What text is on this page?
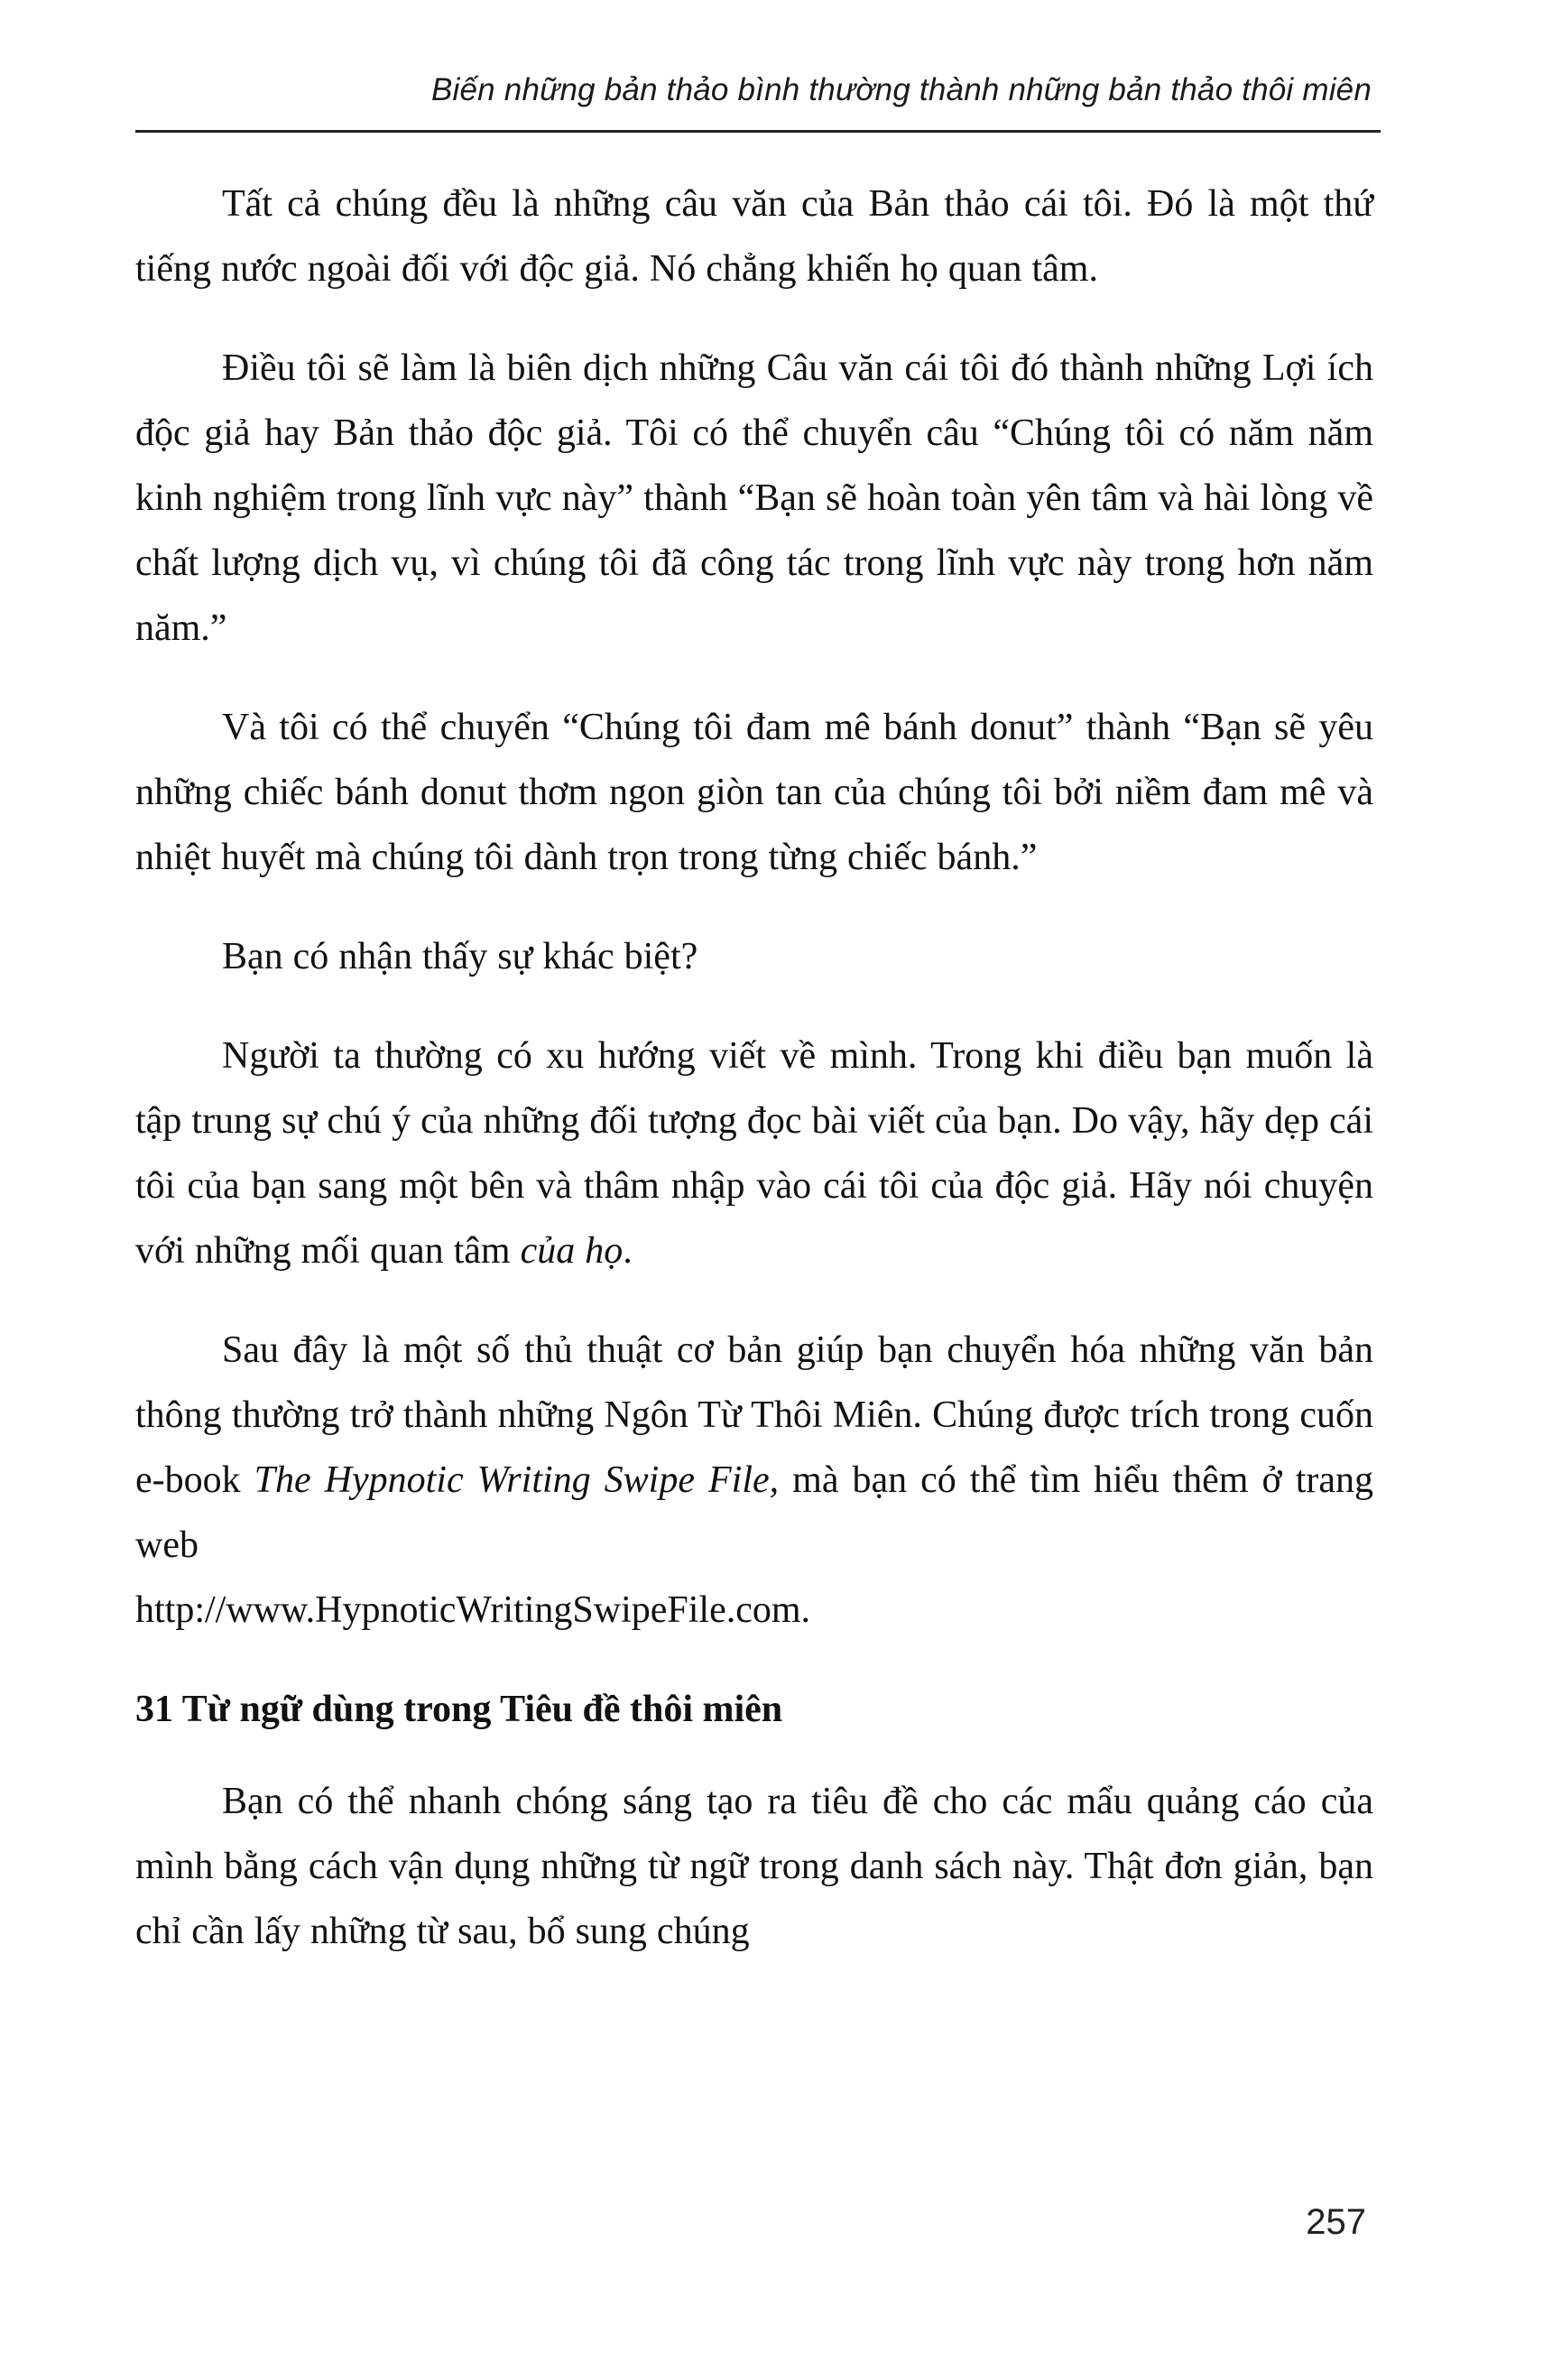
Biến những bản thảo bình thường thành những bản thảo thôi miên

Tất cả chúng đều là những câu văn của Bản thảo cái tôi. Đó là một thứ tiếng nước ngoài đối với độc giả. Nó chẳng khiến họ quan tâm.

Điều tôi sẽ làm là biên dịch những Câu văn cái tôi đó thành những Lợi ích độc giả hay Bản thảo độc giả. Tôi có thể chuyển câu “Chúng tôi có năm năm kinh nghiệm trong lĩnh vực này” thành “Bạn sẽ hoàn toàn yên tâm và hài lòng về chất lượng dịch vụ, vì chúng tôi đã công tác trong lĩnh vực này trong hơn năm năm.”

Và tôi có thể chuyển “Chúng tôi đam mê bánh donut” thành “Bạn sẽ yêu những chiếc bánh donut thơm ngon giòn tan của chúng tôi bởi niềm đam mê và nhiệt huyết mà chúng tôi dành trọn trong từng chiếc bánh.”

Bạn có nhận thấy sự khác biệt?

Người ta thường có xu hướng viết về mình. Trong khi điều bạn muốn là tập trung sự chú ý của những đối tượng đọc bài viết của bạn. Do vậy, hãy dẹp cái tôi của bạn sang một bên và thâm nhập vào cái tôi của độc giả. Hãy nói chuyện với những mối quan tâm của họ.

Sau đây là một số thủ thuật cơ bản giúp bạn chuyển hóa những văn bản thông thường trở thành những Ngôn Từ Thôi Miên. Chúng được trích trong cuốn e-book The Hypnotic Writing Swipe File, mà bạn có thể tìm hiểu thêm ở trang web
http://www.HypnoticWritingSwipeFile.com.

31 Từ ngữ dùng trong Tiêu đề thôi miên

Bạn có thể nhanh chóng sáng tạo ra tiêu đề cho các mẩu quảng cáo của mình bằng cách vận dụng những từ ngữ trong danh sách này. Thật đơn giản, bạn chỉ cần lấy những từ sau, bổ sung chúng

257
